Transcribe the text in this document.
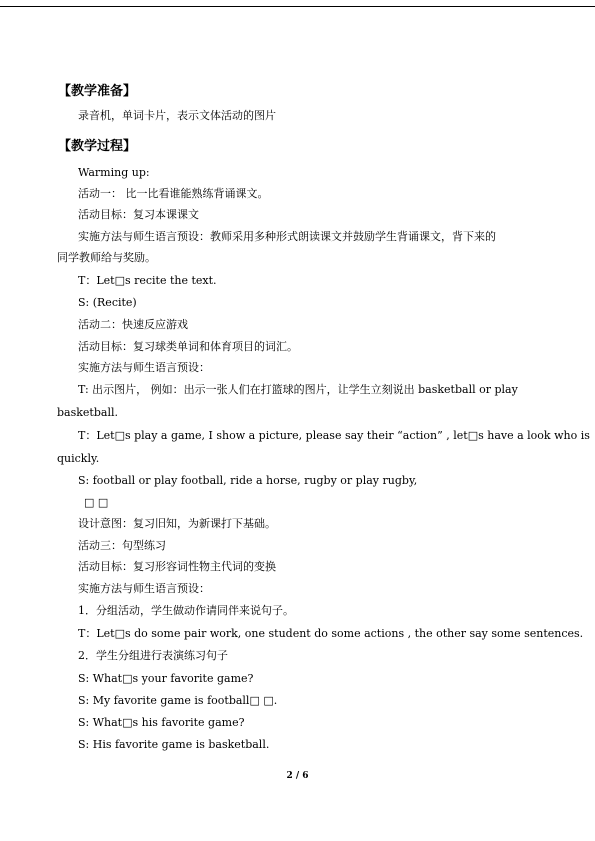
【教学准备】
录音机，单词卡片，表示文体活动的图片
【教学过程】
Warming up:
活动一： 比一比看谁能熟练背诵课文。
活动目标：复习本课课文
实施方法与师生语言预设：教师采用多种形式朗读课文并鼓励学生背诵课文，背下来的
同学教师给与奖励。
T：Let□s recite the text.
S: (Recite)
活动二：快速反应游戏
活动目标：复习球类单词和体育项目的词汇。
实施方法与师生语言预设：
T: 出示图片， 例如：出示一张人们在打篮球的图片，让学生立刻说出 basketball or play
basketball.
T：Let□s play a game, I show a picture, please say their “action” , let□s have a look who is
quickly.
S: football or play football, ride a horse, rugby or play rugby,
□ □
设计意图：复习旧知，为新课打下基础。
活动三：句型练习
活动目标：复习形容词性物主代词的变换
实施方法与师生语言预设：
1．分组活动，学生做动作请同伴来说句子。
T：Let□s do some pair work, one student do some actions , the other say some sentences.
2．学生分组进行表演练习句子
S: What□s your favorite game?
S: My favorite game is football□ □.
S: What□s his favorite game?
S: His favorite game is basketball.
2 / 6
